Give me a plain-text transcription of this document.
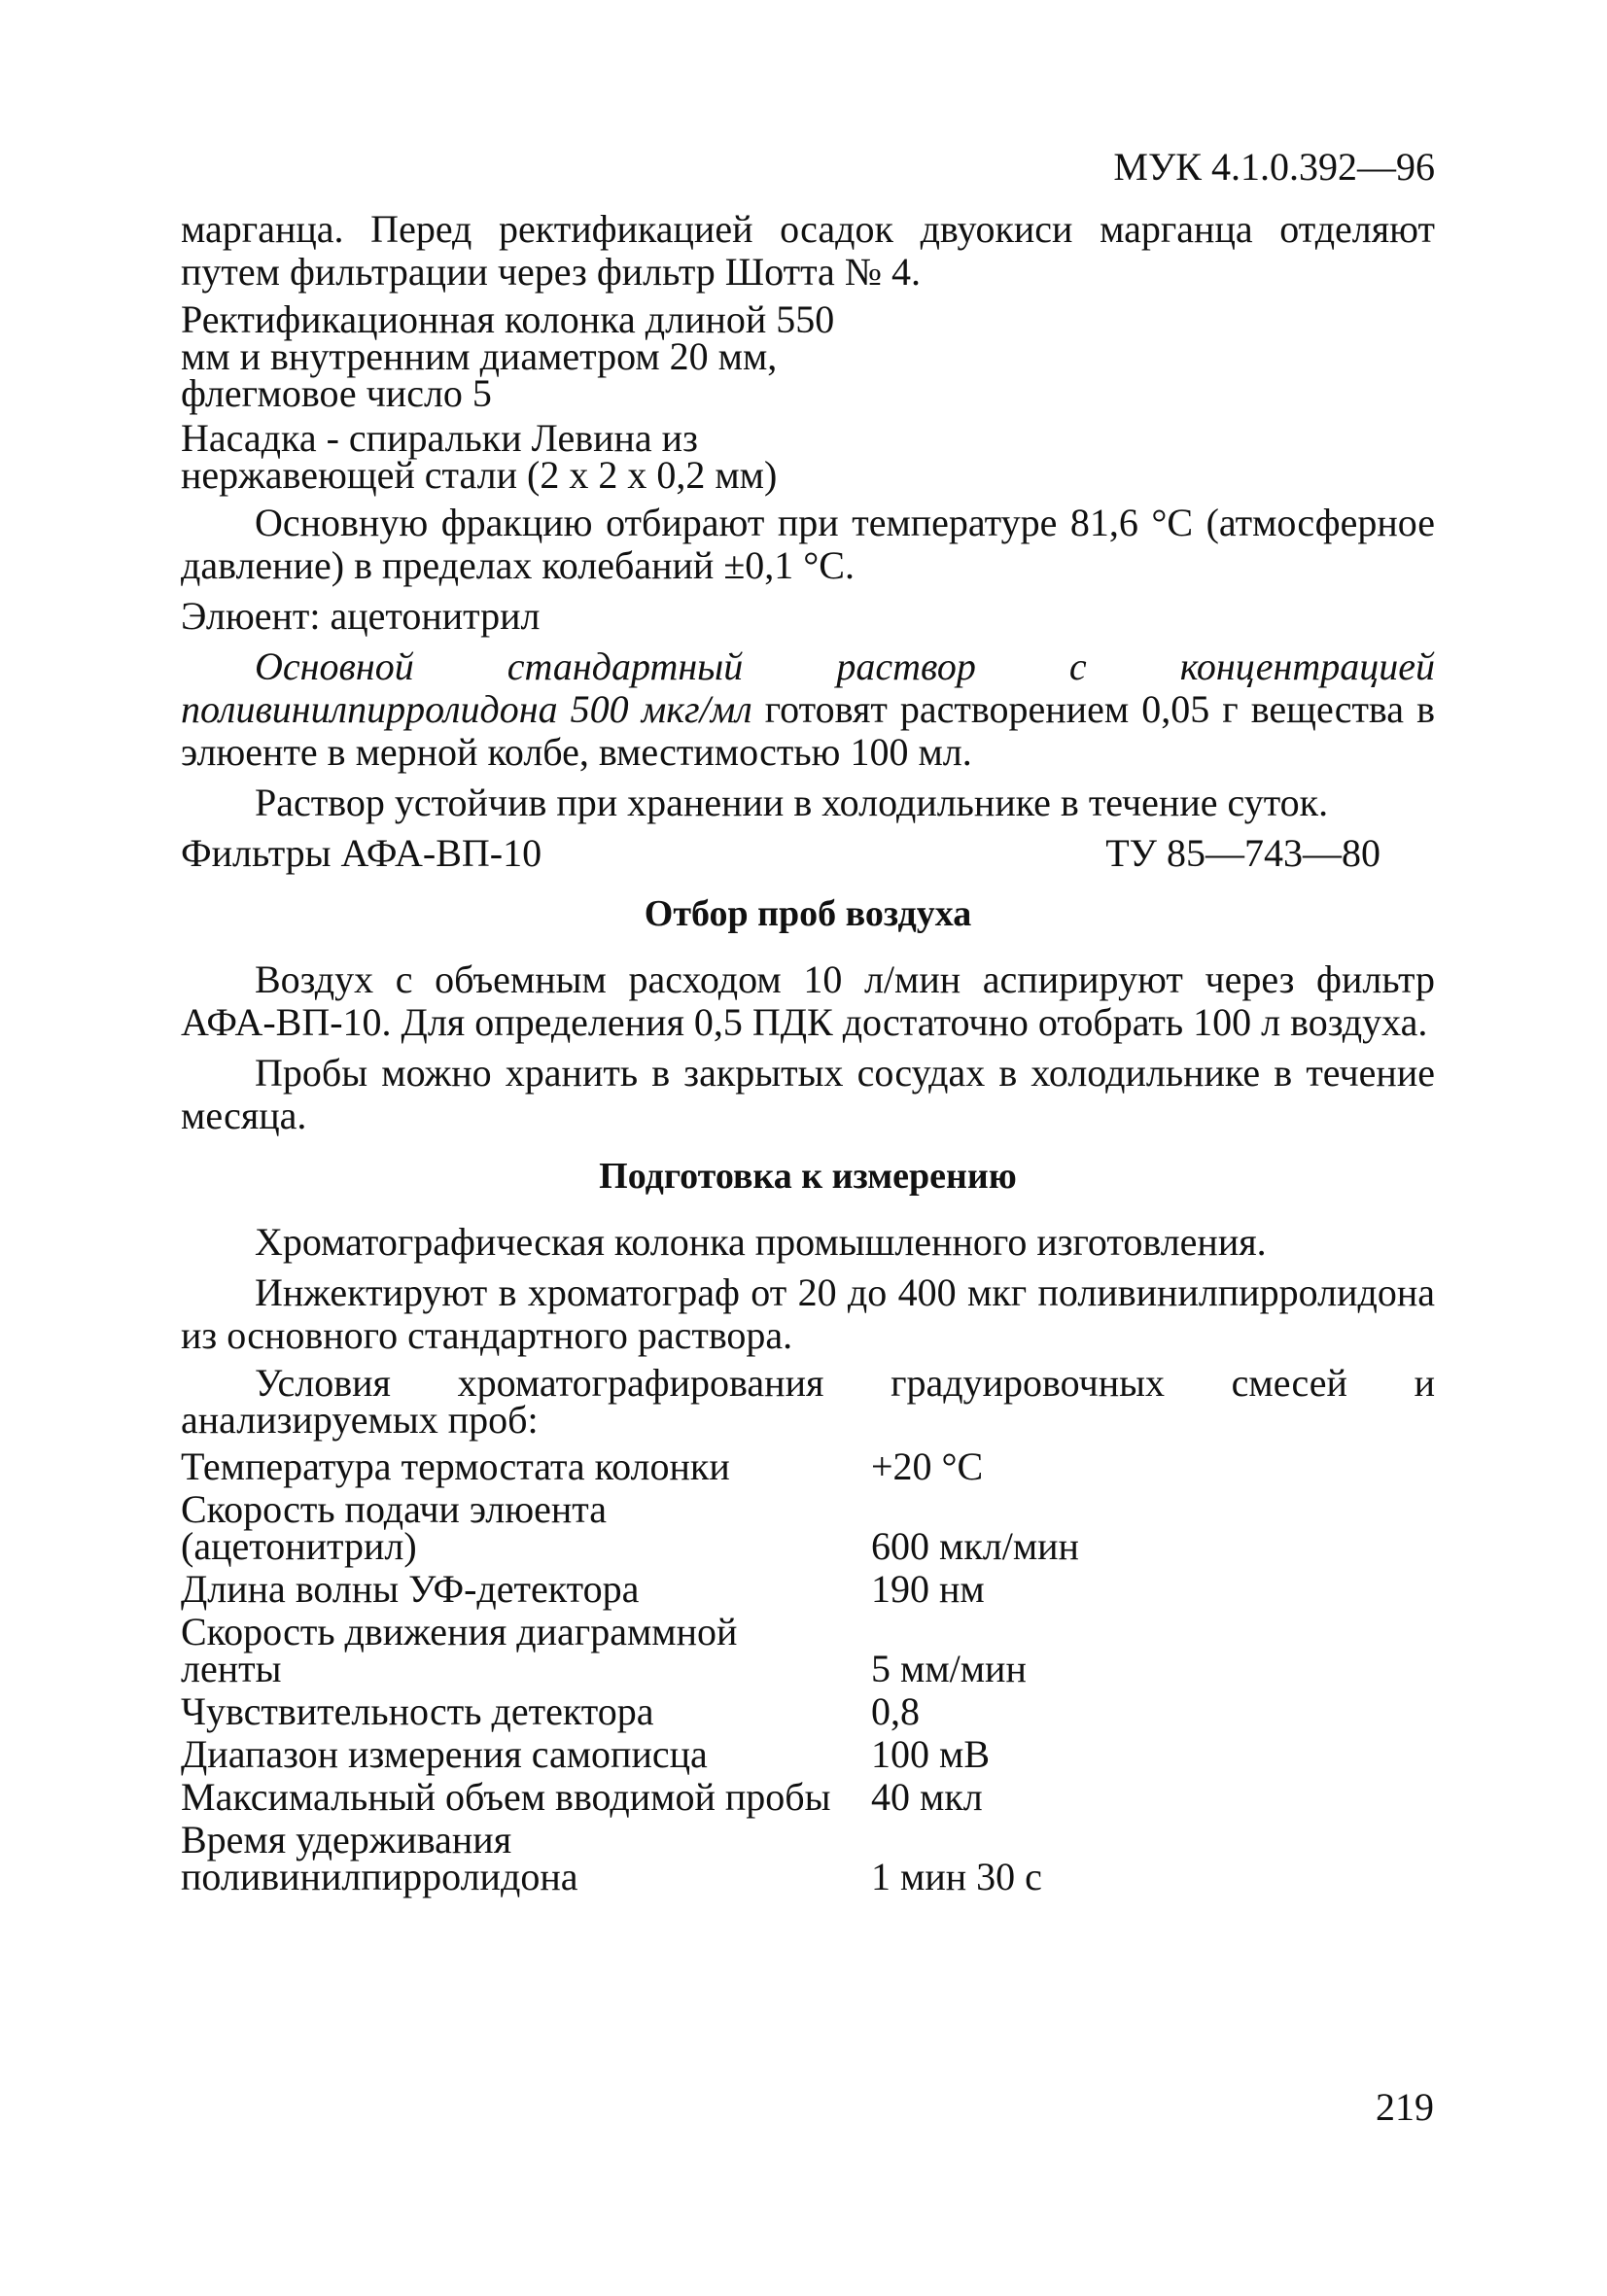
МУК 4.1.0.392—96

марганца. Перед ректификацией осадок двуокиси марганца отделяют путем фильтрации через фильтр Шотта № 4.

Ректификационная колонка длиной 550 мм и внутренним диаметром 20 мм, флегмовое число 5

Насадка - спиральки Левина из нержавеющей стали (2 х 2 х 0,2 мм)

Основную фракцию отбирают при температуре 81,6 °С (атмосферное давление) в пределах колебаний ±0,1 °С.

Элюент: ацетонитрил

Основной стандартный раствор с концентрацией поливинилпирролидона 500 мкг/мл готовят растворением 0,05 г вещества в элюенте в мерной колбе, вместимостью 100 мл.

Раствор устойчив при хранении в холодильнике в течение суток.

Фильтры АФА-ВП-10	ТУ 85—743—80
Отбор проб воздуха

Воздух с объемным расходом 10 л/мин аспирируют через фильтр АФА-ВП-10. Для определения 0,5 ПДК достаточно отобрать 100 л воздуха.

Пробы можно хранить в закрытых сосудах в холодильнике в течение месяца.

Подготовка к измерению

Хроматографическая колонка промышленного изготовления.

Инжектируют в хроматограф от 20 до 400 мкг поливинилпирролидона из основного стандартного раствора.

Условия хроматографирования градуировочных смесей и анализируемых проб:

Температура термостата колонки	+20 °С
Скорость подачи элюента (ацетонитрил)	600 мкл/мин
Длина волны УФ-детектора	190 нм
Скорость движения диаграммной ленты	5 мм/мин
Чувствительность детектора	0,8
Диапазон измерения самописца	100 мВ
Максимальный объем вводимой пробы	40 мкл
Время удерживания поливинилпирролидона	1 мин 30 с
219
